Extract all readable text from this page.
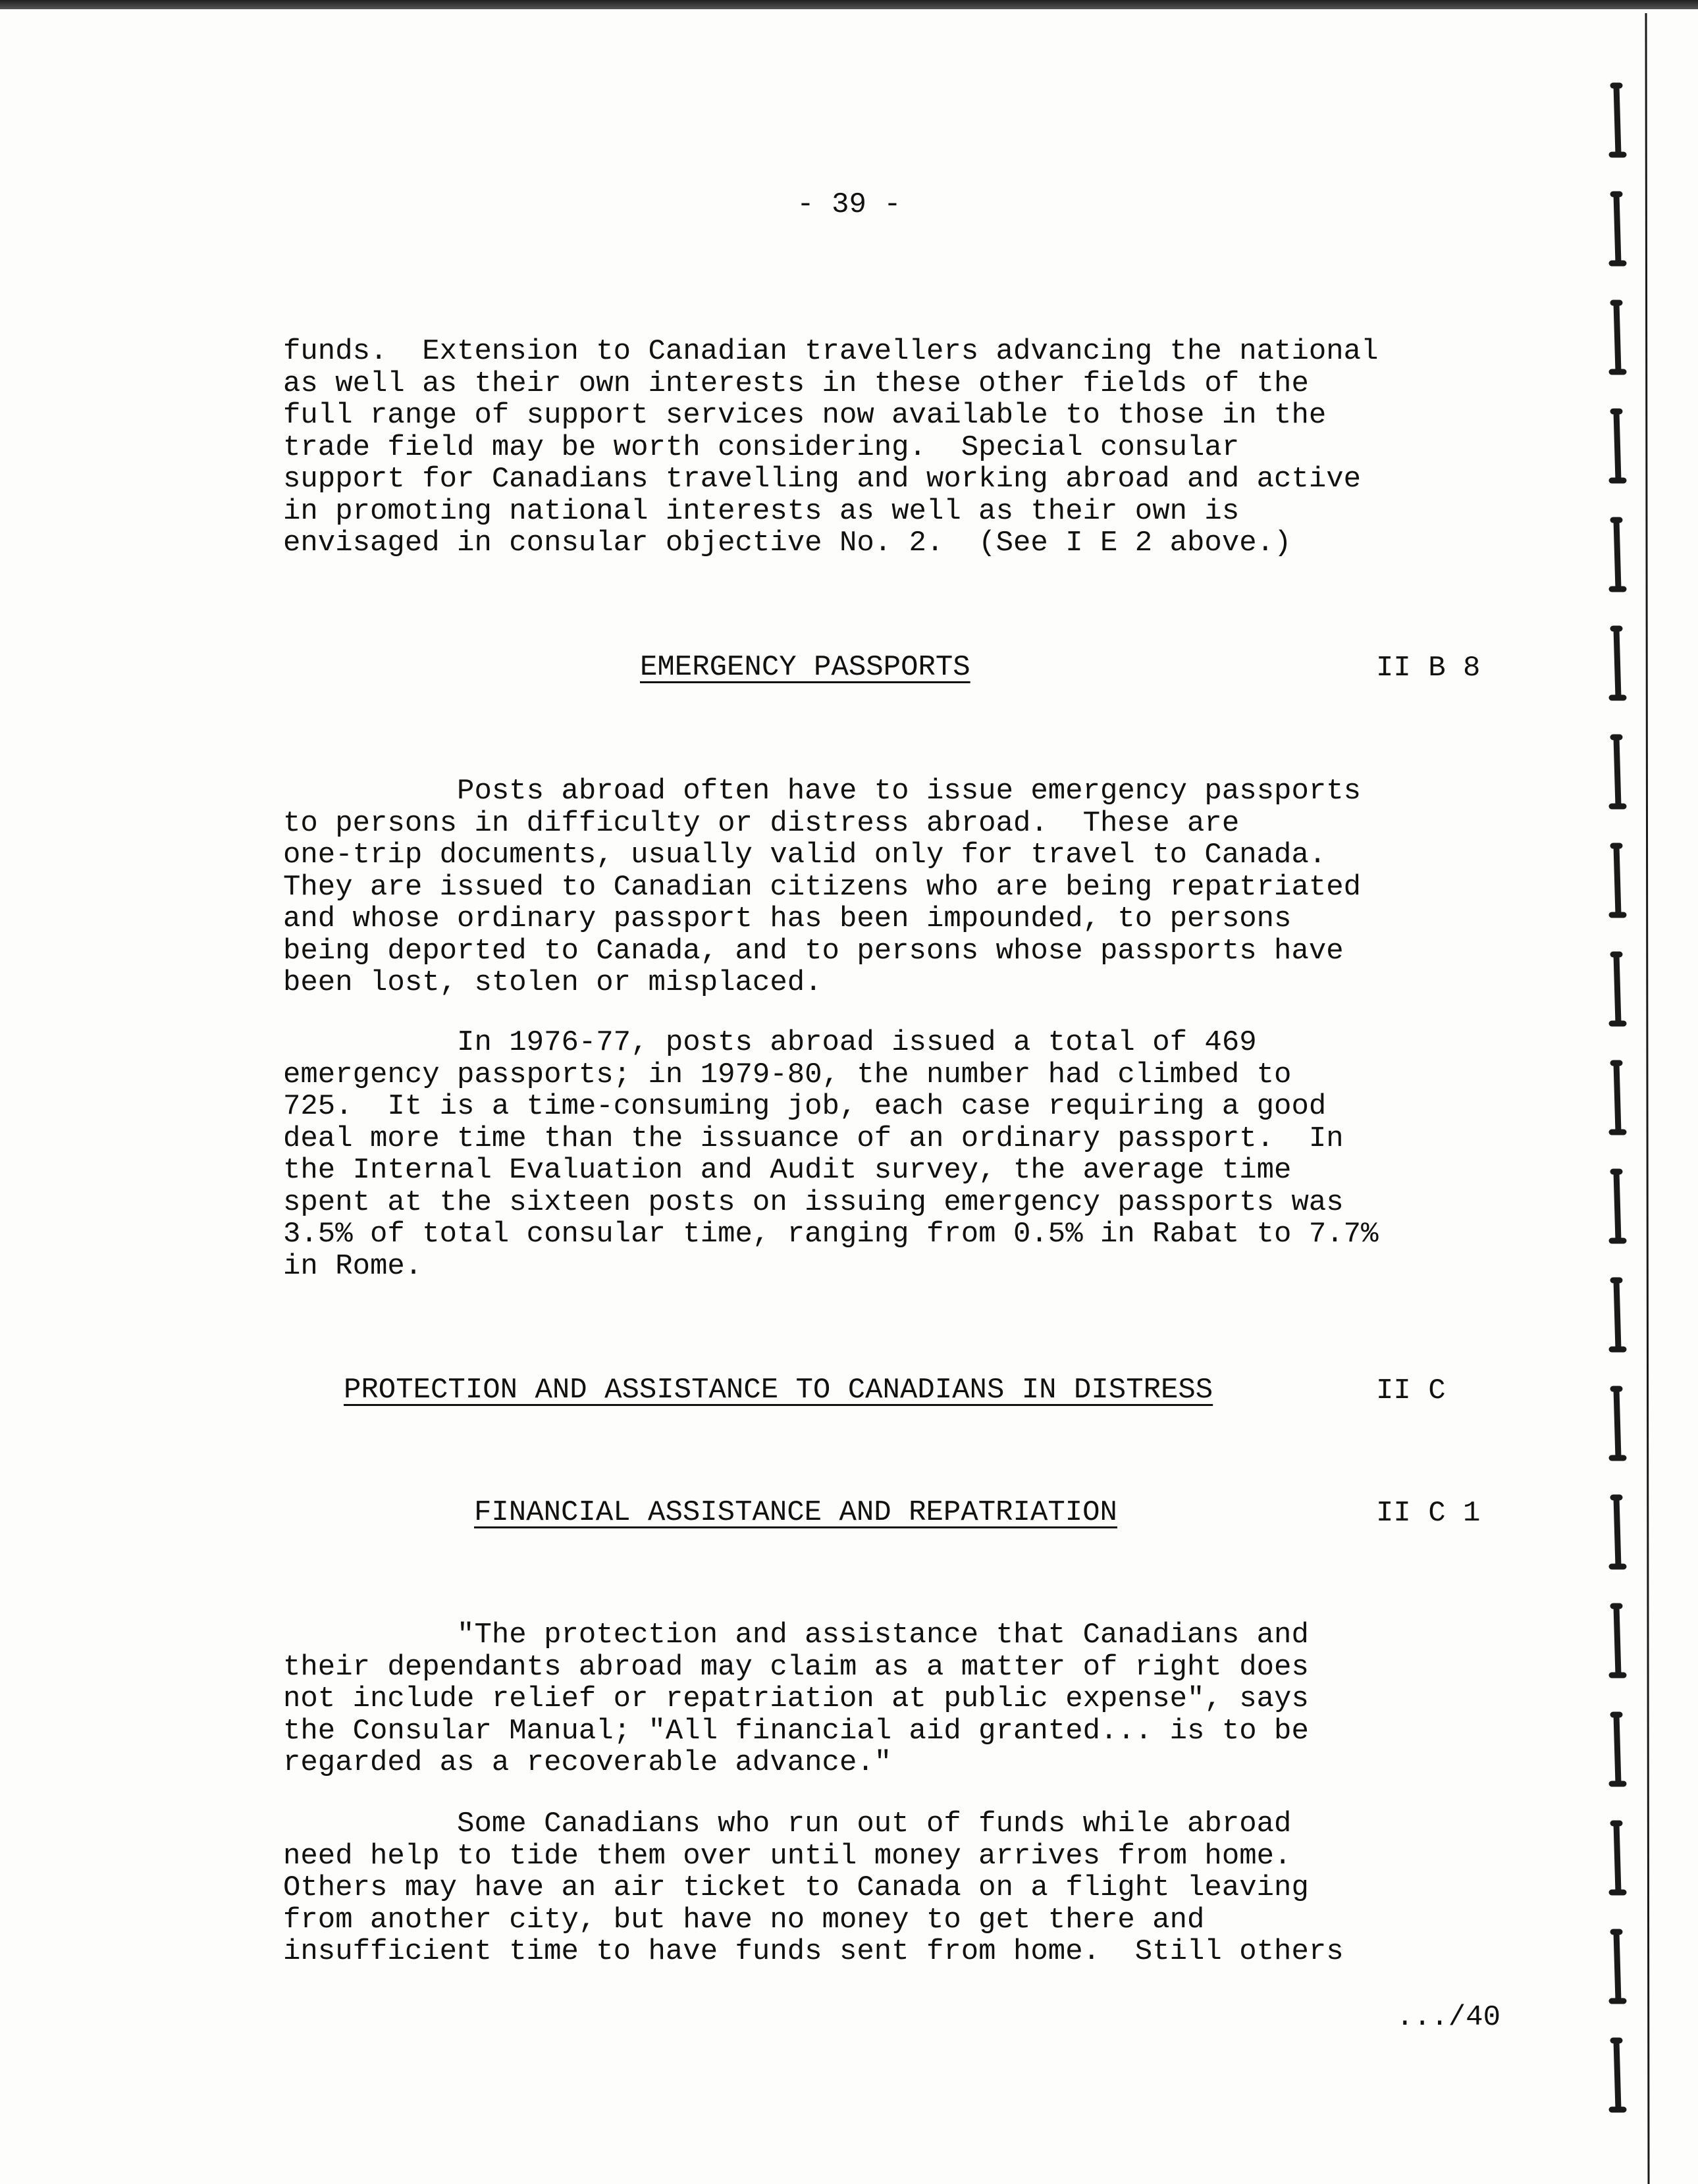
- 39 -
funds.  Extension to Canadian travellers advancing the national
as well as their own interests in these other fields of the
full range of support services now available to those in the
trade field may be worth considering.  Special consular
support for Canadians travelling and working abroad and active
in promoting national interests as well as their own is
envisaged in consular objective No. 2.  (See I E 2 above.)
EMERGENCY PASSPORTS	II B 8
Posts abroad often have to issue emergency passports
to persons in difficulty or distress abroad.  These are
one-trip documents, usually valid only for travel to Canada.
They are issued to Canadian citizens who are being repatriated
and whose ordinary passport has been impounded, to persons
being deported to Canada, and to persons whose passports have
been lost, stolen or misplaced.
In 1976-77, posts abroad issued a total of 469
emergency passports; in 1979-80, the number had climbed to
725.  It is a time-consuming job, each case requiring a good
deal more time than the issuance of an ordinary passport.  In
the Internal Evaluation and Audit survey, the average time
spent at the sixteen posts on issuing emergency passports was
3.5% of total consular time, ranging from 0.5% in Rabat to 7.7%
in Rome.
PROTECTION AND ASSISTANCE TO CANADIANS IN DISTRESS	II C
FINANCIAL ASSISTANCE AND REPATRIATION	II C 1
"The protection and assistance that Canadians and
their dependants abroad may claim as a matter of right does
not include relief or repatriation at public expense", says
the Consular Manual; "All financial aid granted... is to be
regarded as a recoverable advance."
Some Canadians who run out of funds while abroad
need help to tide them over until money arrives from home.
Others may have an air ticket to Canada on a flight leaving
from another city, but have no money to get there and
insufficient time to have funds sent from home.  Still others
.../40
